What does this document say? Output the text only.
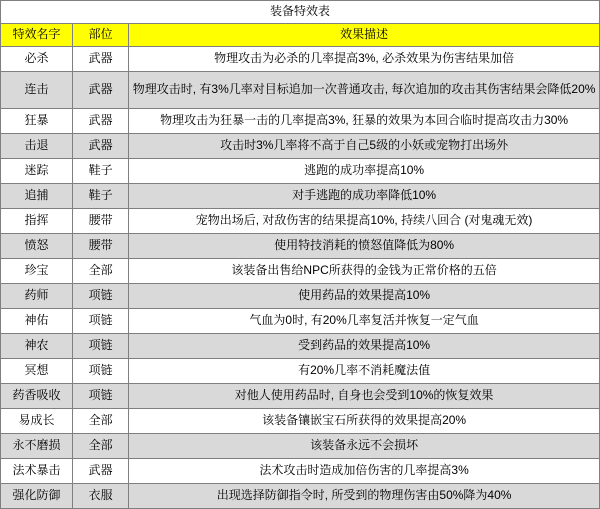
装备特效表		
特效名字	部位	效果描述
必杀	武器	物理攻击为必杀的几率提高3%, 必杀效果为伤害结果加倍
连击	武器	物理攻击时, 有3%几率对目标追加一次普通攻击, 每次追加的攻击其伤害结果会降低20%
狂暴	武器	物理攻击为狂暴一击的几率提高3%, 狂暴的效果为本回合临时提高攻击力30%
击退	武器	攻击时3%几率将不高于自己5级的小妖或宠物打出场外
迷踪	鞋子	逃跑的成功率提高10%
追捕	鞋子	对手逃跑的成功率降低10%
指挥	腰带	宠物出场后, 对敌伤害的结果提高10%, 持续八回合 (对鬼魂无效)
愤怒	腰带	使用特技消耗的愤怒值降低为80%
珍宝	全部	该装备出售给NPC所获得的金钱为正常价格的五倍
药师	项链	使用药品的效果提高10%
神佑	项链	气血为0时, 有20%几率复活并恢复一定气血
神农	项链	受到药品的效果提高10%
冥想	项链	有20%几率不消耗魔法值
药香吸收	项链	对他人使用药品时, 自身也会受到10%的恢复效果
易成长	全部	该装备镶嵌宝石所获得的效果提高20%
永不磨损	全部	该装备永远不会损坏
法术暴击	武器	法术攻击时造成加倍伤害的几率提高3%
强化防御	衣服	出现选择防御指令时, 所受到的物理伤害由50%降为40%
